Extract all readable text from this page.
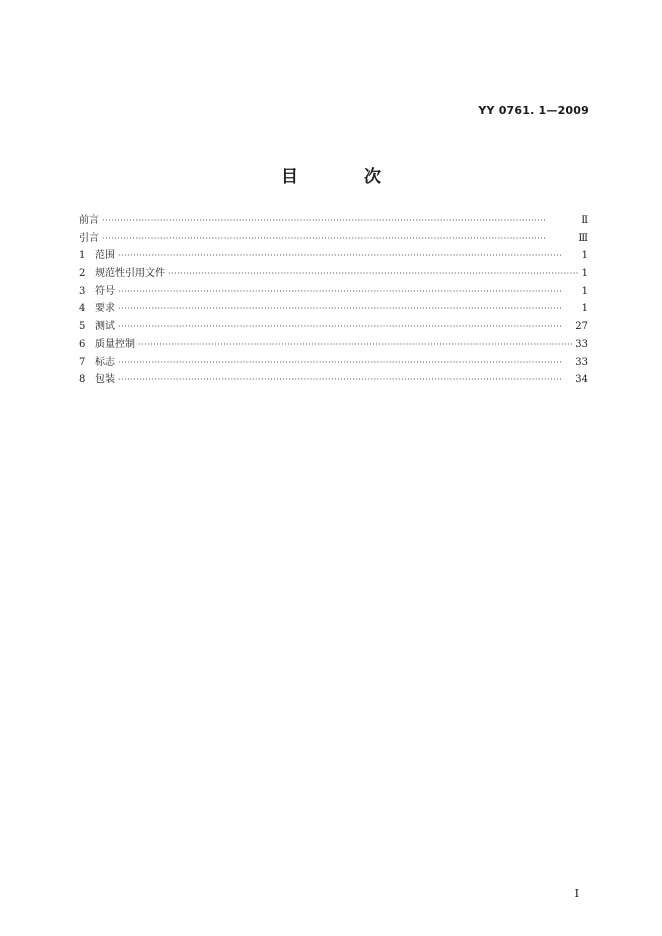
YY 0761. 1—2009
目 次
前言 ·····	Ⅱ
引言 ·····	Ⅲ
1 范围 ·····	1
2 规范性引用文件 ·····	1
3 符号 ·····	1
4 要求 ·····	1
5 测试 ·····	27
6 质量控制 ·····	33
7 标志 ·····	33
8 包装 ·····	34
Ⅰ
